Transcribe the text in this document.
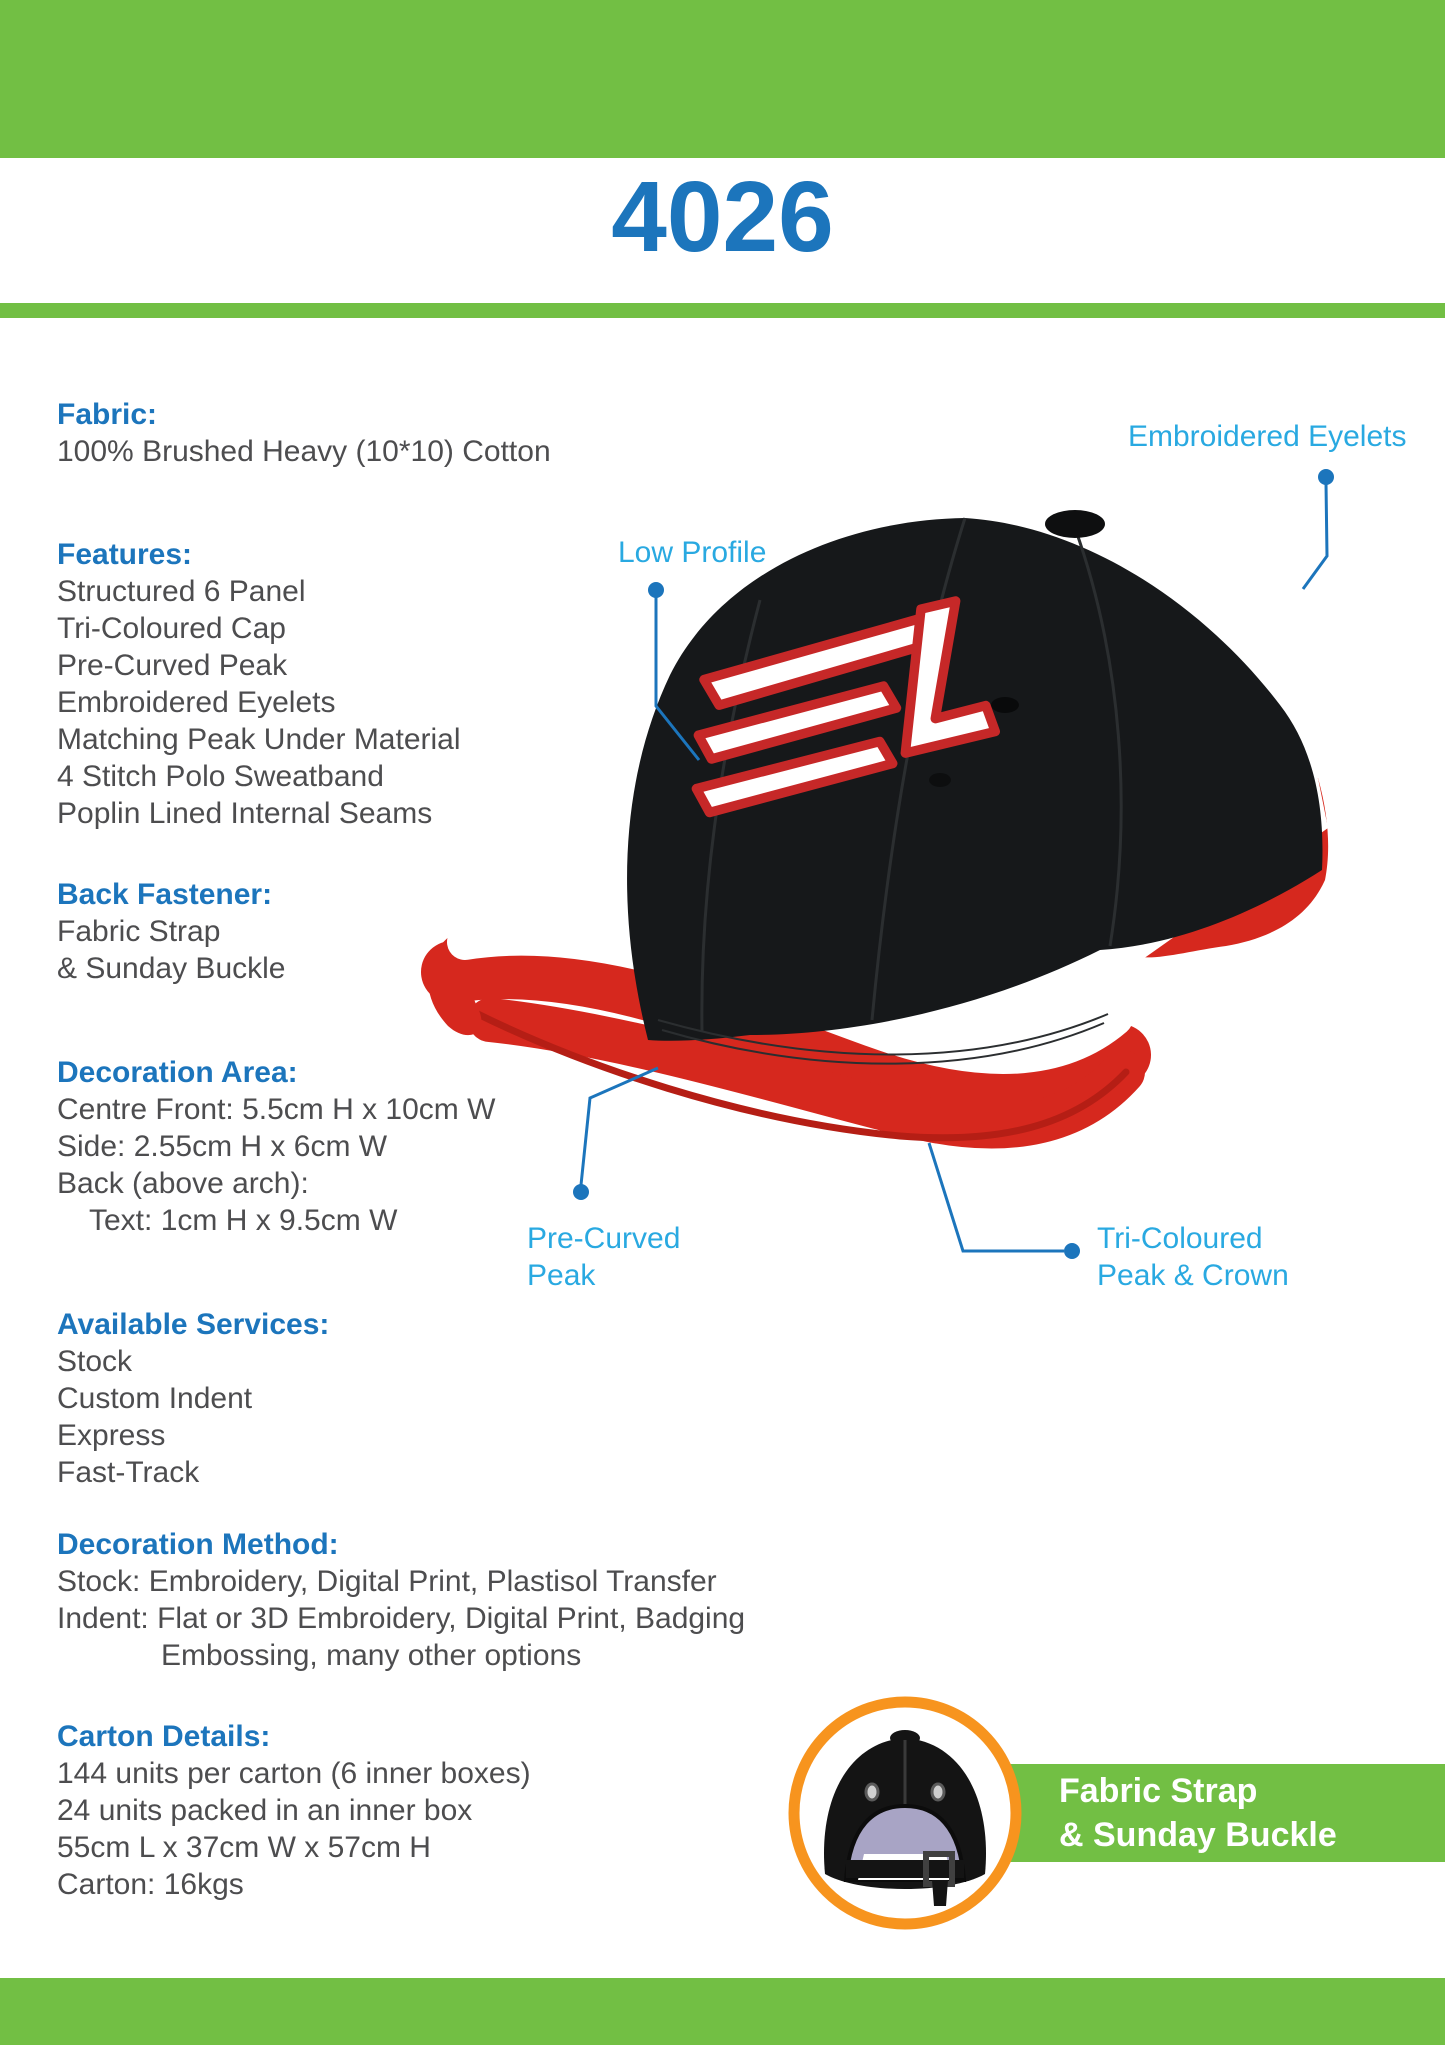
4026
Fabric:
100% Brushed Heavy (10*10) Cotton
Features:
Structured 6 Panel
Tri-Coloured Cap
Pre-Curved Peak
Embroidered Eyelets
Matching Peak Under Material
4 Stitch Polo Sweatband
Poplin Lined Internal Seams
Back Fastener:
Fabric Strap
& Sunday Buckle
Decoration Area:
Centre Front: 5.5cm H x 10cm W
Side: 2.55cm H x 6cm W
Back (above arch):
Text: 1cm H x 9.5cm W
Available Services:
Stock
Custom Indent
Express
Fast-Track
Decoration Method:
Stock: Embroidery, Digital Print, Plastisol Transfer
Indent: Flat or 3D Embroidery, Digital Print, Badging
Embossing, many other options
Carton Details:
144 units per carton (6 inner boxes)
24 units packed in an inner box
55cm L x 37cm W x 57cm H
Carton: 16kgs
Low Profile
Embroidered Eyelets
Pre-Curved
Peak
Tri-Coloured
Peak & Crown
Fabric Strap
& Sunday Buckle
